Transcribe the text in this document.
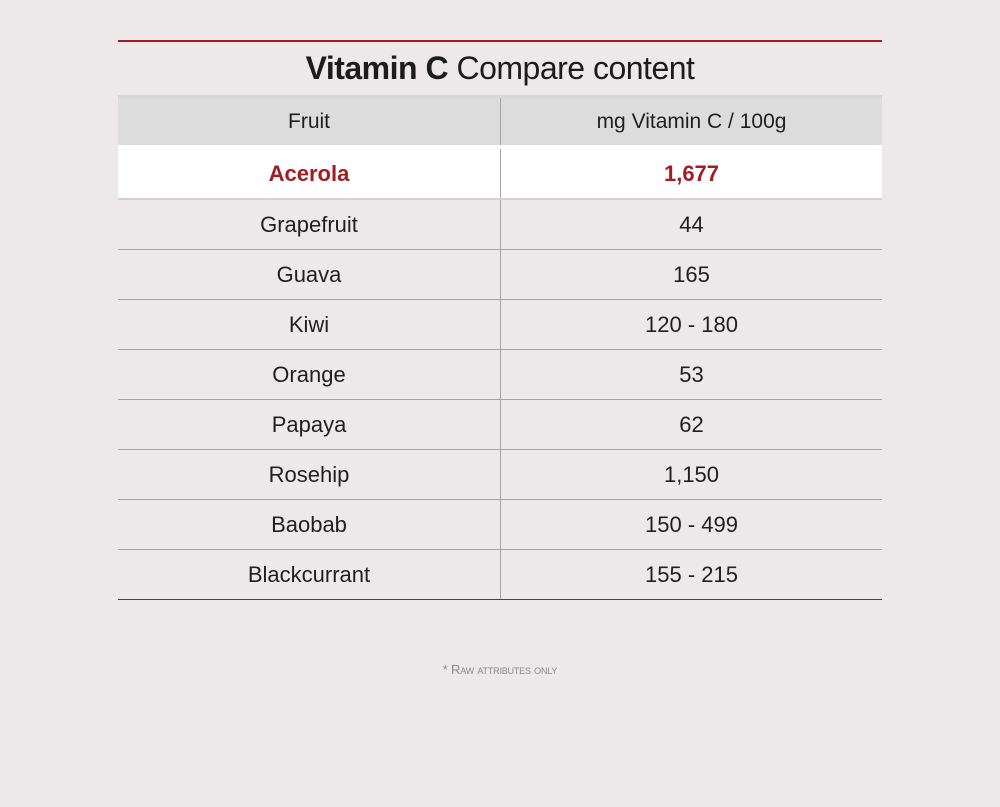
Vitamin C Compare content
Fruit	mg Vitamin C / 100g
Acerola	1,677
Grapefruit	44
Guava	165
Kiwi	120 - 180
Orange	53
Papaya	62
Rosehip	1,150
Baobab	150 - 499
Blackcurrant	155 - 215
* Raw attributes only
